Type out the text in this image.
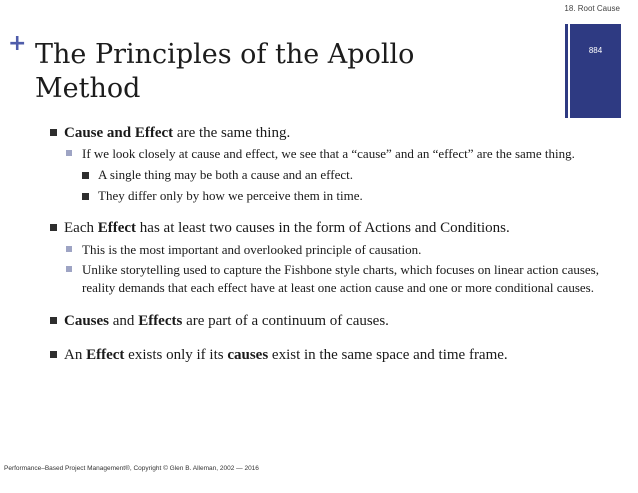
+
18. Root Cause
884
The Principles of the Apollo
Method
Cause and Effect are the same thing.
If we look closely at cause and effect, we see that a “cause” and an “effect” are the same thing.
A single thing may be both a cause and an effect.
They differ only by how we perceive them in time.
Each Effect has at least two causes in the form of Actions and Conditions.
This is the most important and overlooked principle of causation.
Unlike storytelling used to capture the Fishbone style charts, which focuses on linear action causes, reality demands that each effect have at least one action cause and one or more conditional causes.
Causes and Effects are part of a continuum of causes.
An Effect exists only if its causes exist in the same space and time frame.
Performance–Based Project Management®, Copyright © Glen B. Alleman, 2002 — 2016
